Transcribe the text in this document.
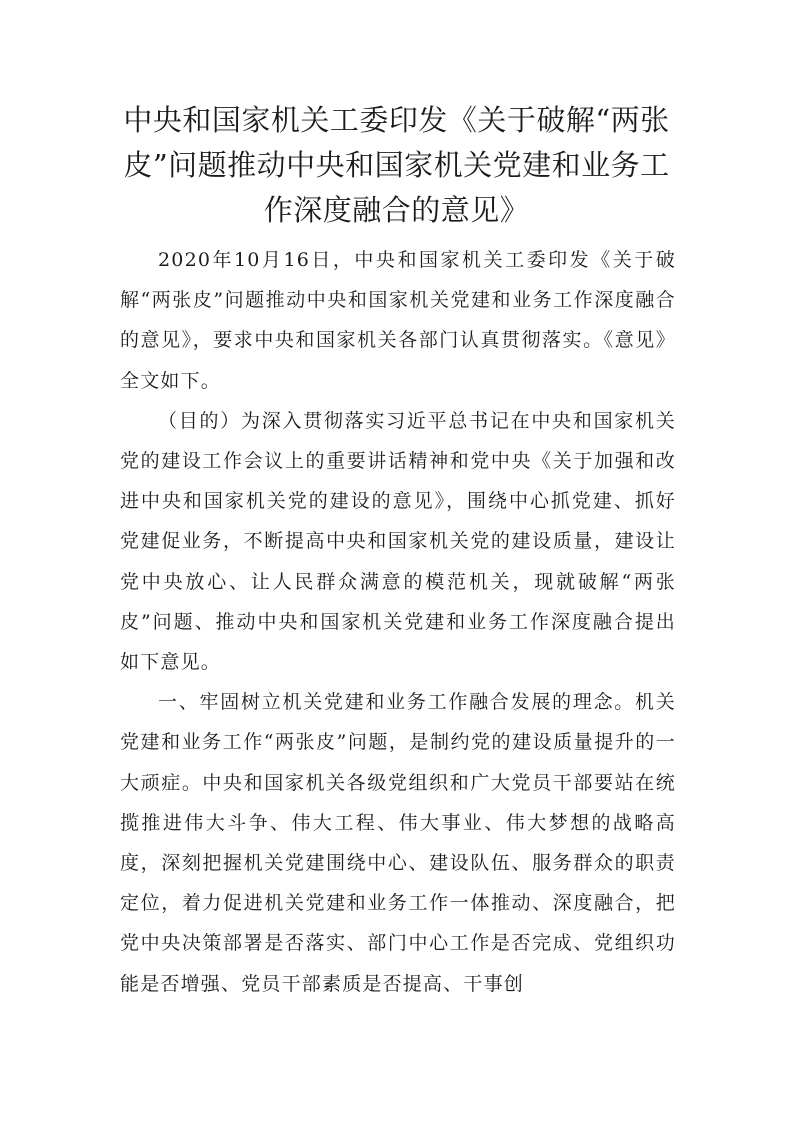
中央和国家机关工委印发《关于破解“两张皮”问题推动中央和国家机关党建和业务工作深度融合的意见》

2020年10月16日，中央和国家机关工委印发《关于破解“两张皮”问题推动中央和国家机关党建和业务工作深度融合的意见》，要求中央和国家机关各部门认真贯彻落实。《意见》全文如下。

（目的）为深入贯彻落实习近平总书记在中央和国家机关党的建设工作会议上的重要讲话精神和党中央《关于加强和改进中央和国家机关党的建设的意见》，围绕中心抓党建、抓好党建促业务，不断提高中央和国家机关党的建设质量，建设让党中央放心、让人民群众满意的模范机关，现就破解“两张皮”问题、推动中央和国家机关党建和业务工作深度融合提出如下意见。

一、牢固树立机关党建和业务工作融合发展的理念。机关党建和业务工作“两张皮”问题，是制约党的建设质量提升的一大顽症。中央和国家机关各级党组织和广大党员干部要站在统揽推进伟大斗争、伟大工程、伟大事业、伟大梦想的战略高度，深刻把握机关党建围绕中心、建设队伍、服务群众的职责定位，着力促进机关党建和业务工作一体推动、深度融合，把党中央决策部署是否落实、部门中心工作是否完成、党组织功能是否增强、党员干部素质是否提高、干事创
